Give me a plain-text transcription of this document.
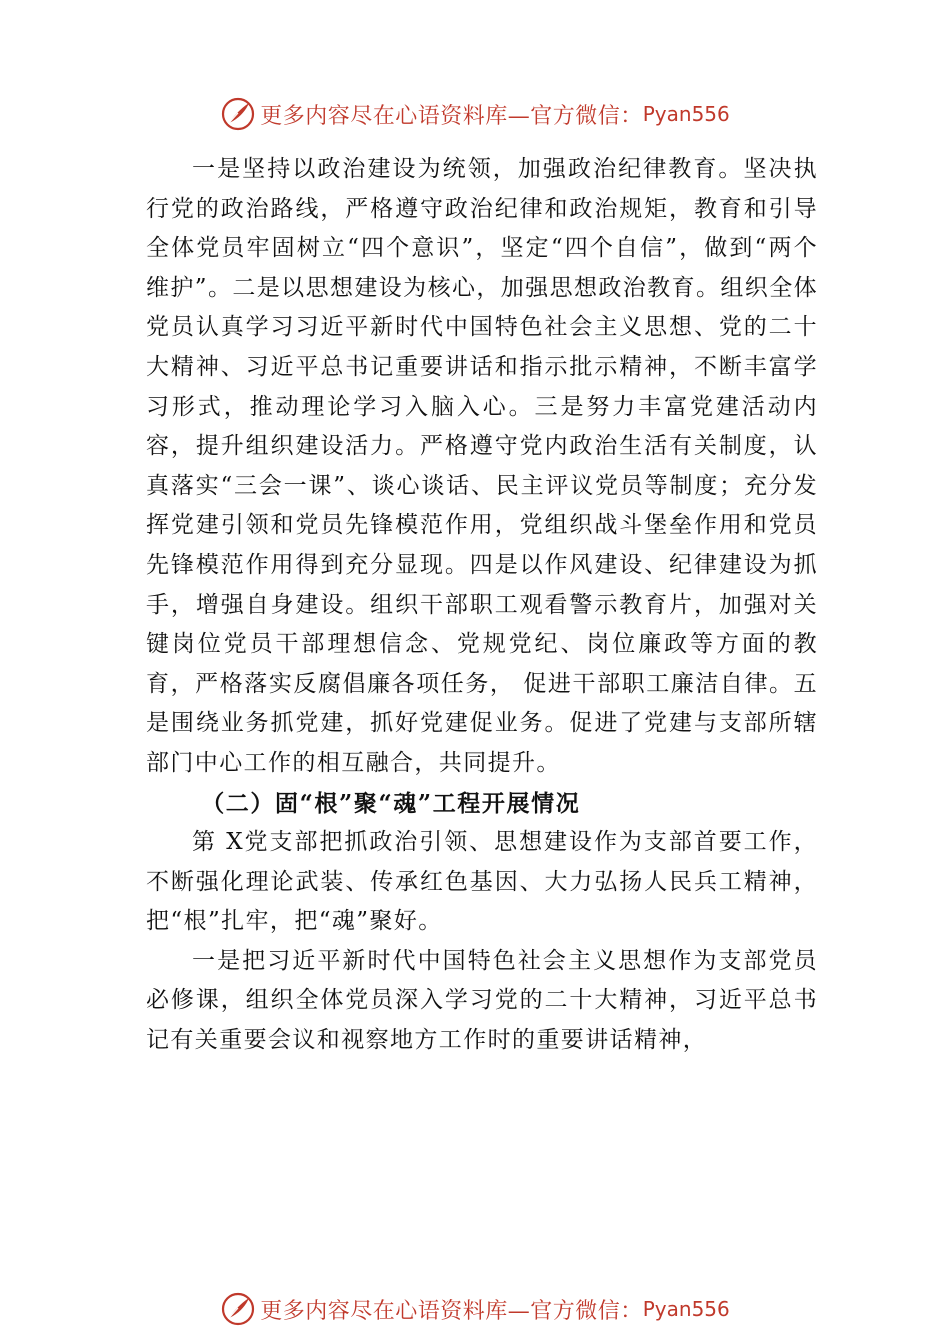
更多内容尽在心语资料库—官方微信： Pyan556

一是坚持以政治建设为统领，加强政治纪律教育。坚决执行党的政治路线，严格遵守政治纪律和政治规矩，教育和引导全体党员牢固树立“四个意识”，坚定“四个自信”，做到“两个维护”。二是以思想建设为核心，加强思想政治教育。组织全体党员认真学习习近平新时代中国特色社会主义思想、党的二十大精神、习近平总书记重要讲话和指示批示精神，不断丰富学习形式，推动理论学习入脑入心。三是努力丰富党建活动内容，提升组织建设活力。严格遵守党内政治生活有关制度，认真落实“三会一课”、谈心谈话、民主评议党员等制度；充分发挥党建引领和党员先锋模范作用，党组织战斗堡垒作用和党员先锋模范作用得到充分显现。四是以作风建设、纪律建设为抓手，增强自身建设。组织干部职工观看警示教育片，加强对关键岗位党员干部理想信念、党规党纪、岗位廉政等方面的教育，严格落实反腐倡廉各项任务， 促进干部职工廉洁自律。五是围绕业务抓党建，抓好党建促业务。促进了党建与支部所辖部门中心工作的相互融合，共同提升。

（二）固“根”聚“魂”工程开展情况

第 X党支部把抓政治引领、思想建设作为支部首要工作，不断强化理论武装、传承红色基因、大力弘扬人民兵工精神，把“根”扎牢，把“魂”聚好。

一是把习近平新时代中国特色社会主义思想作为支部党员必修课，组织全体党员深入学习党的二十大精神，习近平总书记有关重要会议和视察地方工作时的重要讲话精神，

更多内容尽在心语资料库—官方微信： Pyan556
